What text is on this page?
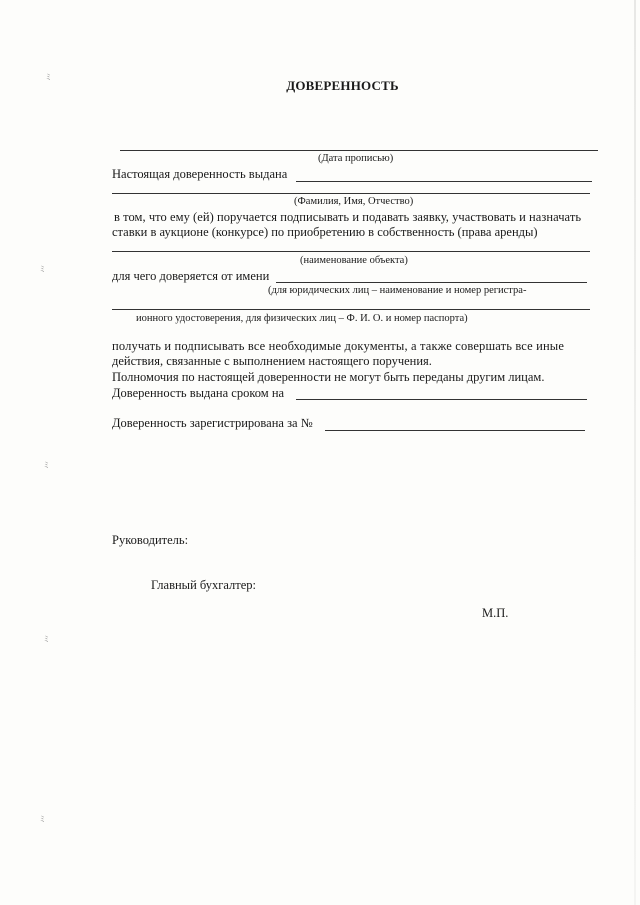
ДОВЕРЕННОСТЬ
(Дата прописью)
Настоящая доверенность выдана
(Фамилия, Имя, Отчество)
в том, что ему (ей) поручается подписывать и подавать заявку, участвовать и назначать
ставки в аукционе (конкурсе) по приобретению в собственность (права аренды)
(наименование объекта)
для чего доверяется от имени
(для юридических лиц – наименование и номер регистра-
ионного удостоверения, для физических лиц – Ф. И. О. и номер паспорта)
получать и подписывать все необходимые документы, а также совершать все иные
действия, связанные с выполнением настоящего поручения.
Полномочия по настоящей доверенности не могут быть переданы другим лицам.
Доверенность выдана сроком на
Доверенность зарегистрирована за №
Руководитель:
Главный бухгалтер:
М.П.
ﾐ
ﾐ
ﾐ
ﾐ
ﾐ
